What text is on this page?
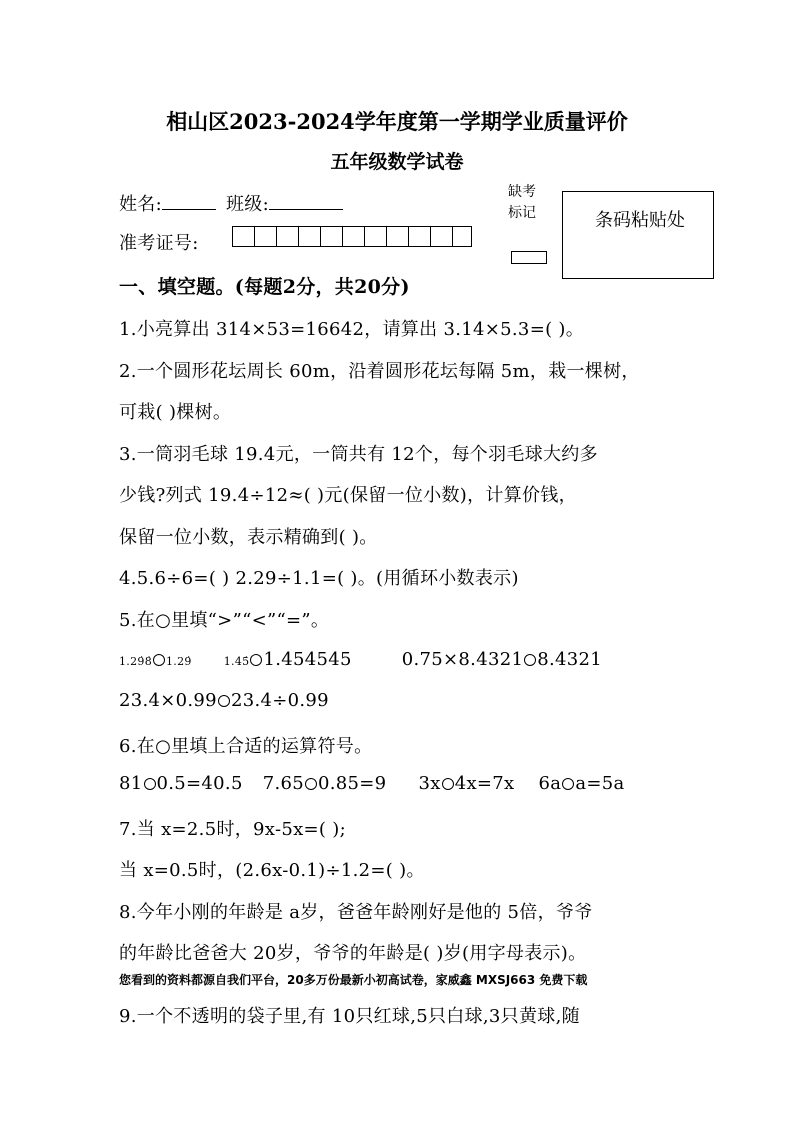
相山区2023-2024学年度第一学期学业质量评价
五年级数学试卷
姓名:	班级:
准考证号:
缺考
标记	条码粘贴处
一、填空题。(每题2分，共20分)
1.小亮算出 314×53=16642，请算出 3.14×5.3=( )。
2.一个圆形花坛周长 60m，沿着圆形花坛每隔 5m，栽一棵树，
可栽( )棵树。
3.一筒羽毛球 19.4元，一筒共有 12个，每个羽毛球大约多
少钱?列式 19.4÷12≈( )元(保留一位小数)，计算价钱，
保留一位小数，表示精确到( )。
4.5.6÷6=( ) 2.29÷1.1=( )。(用循环小数表示)
5.在○里填“>”“<”“=”。
1.29̇8̇ 1.29̇	1.45̇ 1.454545	0.75×8.4321 8.4321
23.4×0.99 23.4÷0.99
6.在○里填上合适的运算符号。
81 0.5=40.5 7.65 0.85=9 3x 4x=7x 6a a=5a
7.当 x=2.5时，9x-5x=( );
当 x=0.5时，(2.6x-0.1)÷1.2=( )。
8.今年小刚的年龄是 a岁，爸爸年龄刚好是他的 5倍，爷爷
的年龄比爸爸大 20岁，爷爷的年龄是( )岁(用字母表示)。
您看到的资料都源自我们平台，20多万份最新小初高试卷，家威鑫 MXSJ663 免费下载
9.一个不透明的袋子里,有 10只红球,5只白球,3只黄球,随
